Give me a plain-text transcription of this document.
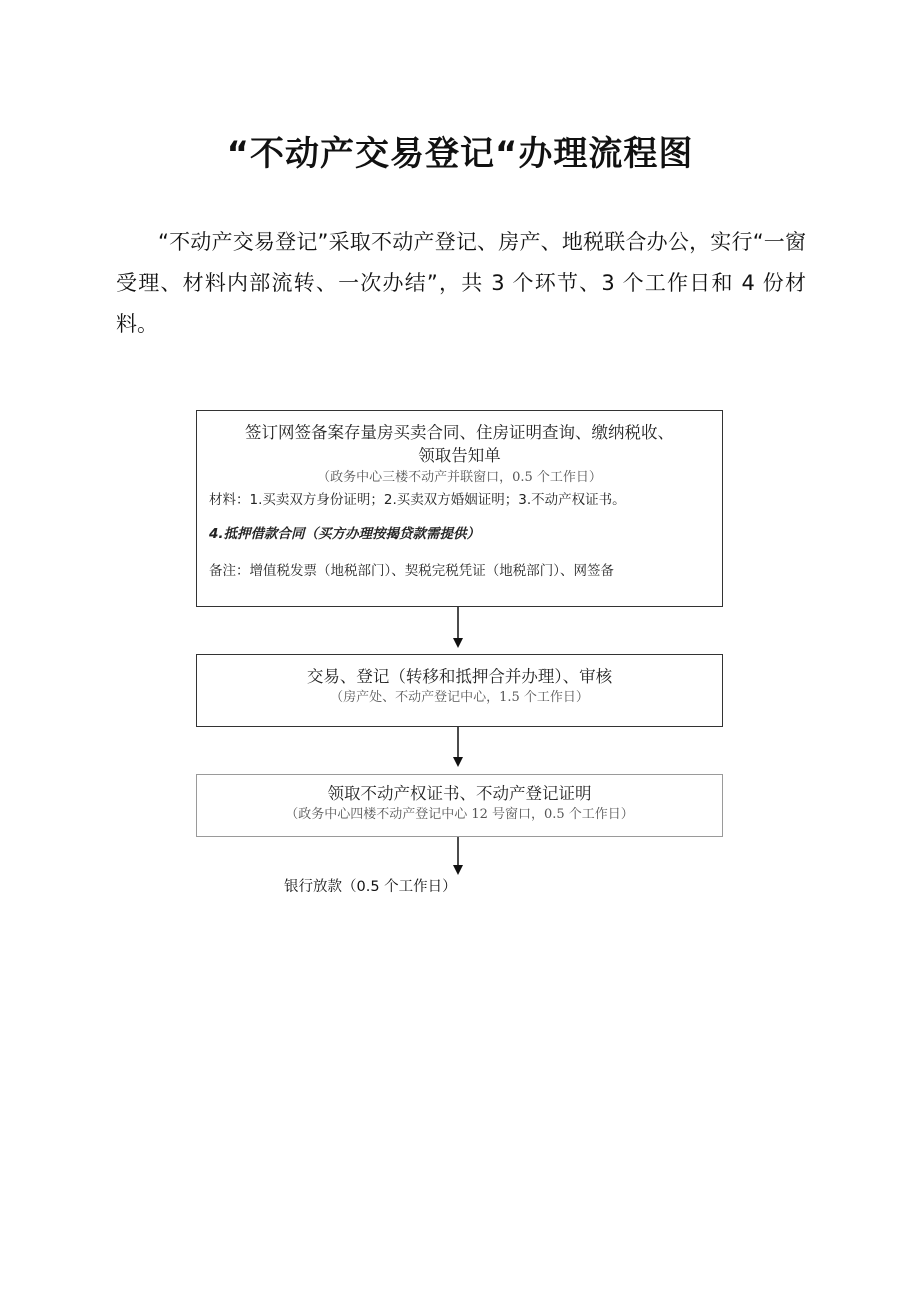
“不动产交易登记“办理流程图

“不动产交易登记”采取不动产登记、房产、地税联合办公，实行“一窗受理、材料内部流转、一次办结”，共 3 个环节、3 个工作日和 4 份材料。

签订网签备案存量房买卖合同、住房证明查询、缴纳税收、
领取告知单
（政务中心三楼不动产并联窗口，0.5 个工作日）
材料：1.买卖双方身份证明；2.买卖双方婚姻证明；3.不动产权证书。
4.抵押借款合同（买方办理按揭贷款需提供）
备注：增值税发票（地税部门）、契税完税凭证（地税部门）、网签备
交易、登记（转移和抵押合并办理）、审核
（房产处、不动产登记中心，1.5 个工作日）
领取不动产权证书、不动产登记证明
（政务中心四楼不动产登记中心 12 号窗口，0.5 个工作日）
银行放款（0.5 个工作日）
